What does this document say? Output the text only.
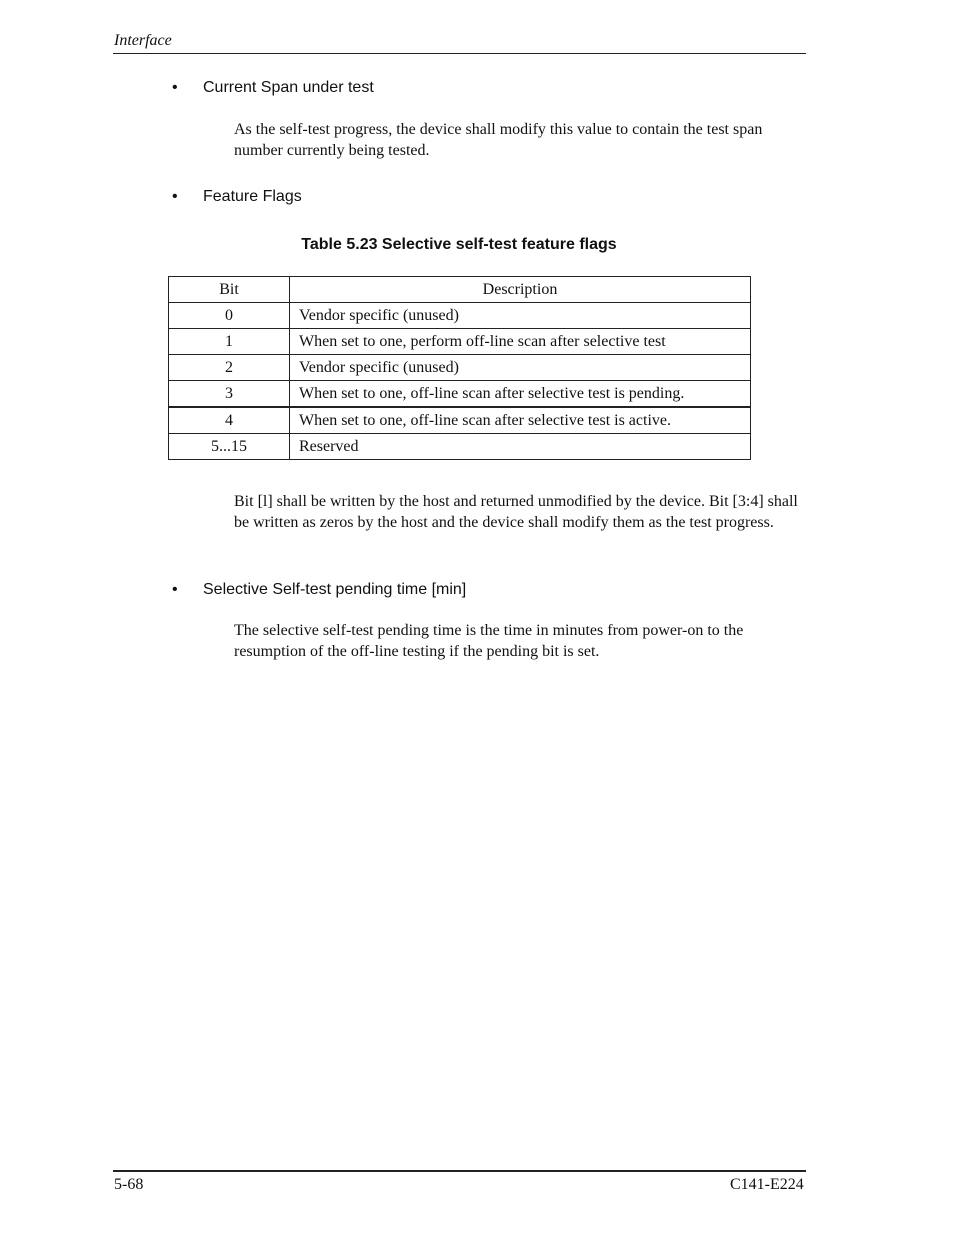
Interface
• Current Span under test
As the self-test progress, the device shall modify this value to contain the test span number currently being tested.
• Feature Flags
Table 5.23 Selective self-test feature flags
Bit	Description
0	Vendor specific (unused)
1	When set to one, perform off-line scan after selective test
2	Vendor specific (unused)
3	When set to one, off-line scan after selective test is pending.
4	When set to one, off-line scan after selective test is active.
5...15	Reserved
Bit [l] shall be written by the host and returned unmodified by the device. Bit [3:4] shall be written as zeros by the host and the device shall modify them as the test progress.
• Selective Self-test pending time [min]
The selective self-test pending time is the time in minutes from power-on to the resumption of the off-line testing if the pending bit is set.
5-68	C141-E224
